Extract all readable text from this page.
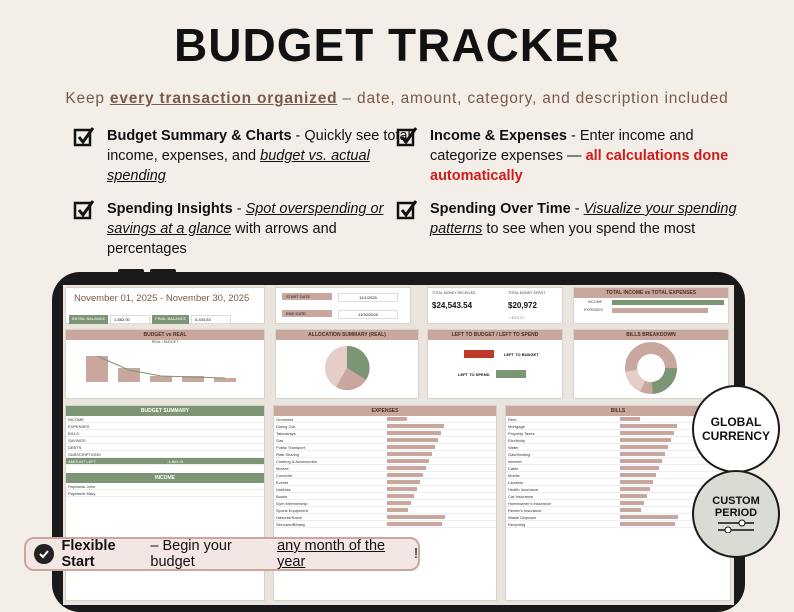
BUDGET TRACKER
Keep every transaction organized – date, amount, category, and description included
Budget Summary & Charts - Quickly see total income, expenses, and budget vs. actual spending
Income & Expenses - Enter income and categorize expenses — all calculations done automatically
Spending Insights - Spot overspending or savings at a glance with arrows and percentages
Spending Over Time - Visualize your spending patterns to see when you spend the most
November 01, 2025 - November 30, 2025
INITIAL BALANCE	2,863.00	FINAL BALANCE	6,434.54
START DATE	11/1/2025
END DATE	11/30/2025
TOTAL MONEY RECEIVED	TOTAL MONEY SPENT
$24,543.54	$20,972
+ $3,572
TOTAL INCOME vs TOTAL EXPENSES
INCOME
EXPENSES
BUDGET vs REAL
REAL / BUDGET
ALLOCATION SUMMARY (REAL)	LEFT TO BUDGET / LEFT TO SPEND
LEFT TO BUDGET
LEFT TO SPEND
BILLS BREAKDOWN
BUDGET SUMMARY
INCOME
EXPENSES
BILLS
SAVINGS
DEBTS
SUBSCRIPTIONS
AMOUNT LEFT	-4,863.91
INCOME
Paycheck John
Paycheck Mary
EXPENSES
Groceries
Dining Out
Takeaways
Gas
Public Transport
Ride Sharing
Clothing & Accessories
Movies
Concerts
Events
Hobbies
Books
Gym Membership
Sports Equipment
Haircuts/Salon
Skincare/Beauty
BILLS
Rent
Mortgage
Property Taxes
Electricity
Water
Gas/Heating
Internet
Cable
Mobile
Landline
Health Insurance
Car Insurance
Homeowner's Insurance
Renter's Insurance
Waste Disposal
Recycling
GLOBAL
CURRENCY
CUSTOM
PERIOD
Flexible Start
– Begin your budget
any month of the year	!
